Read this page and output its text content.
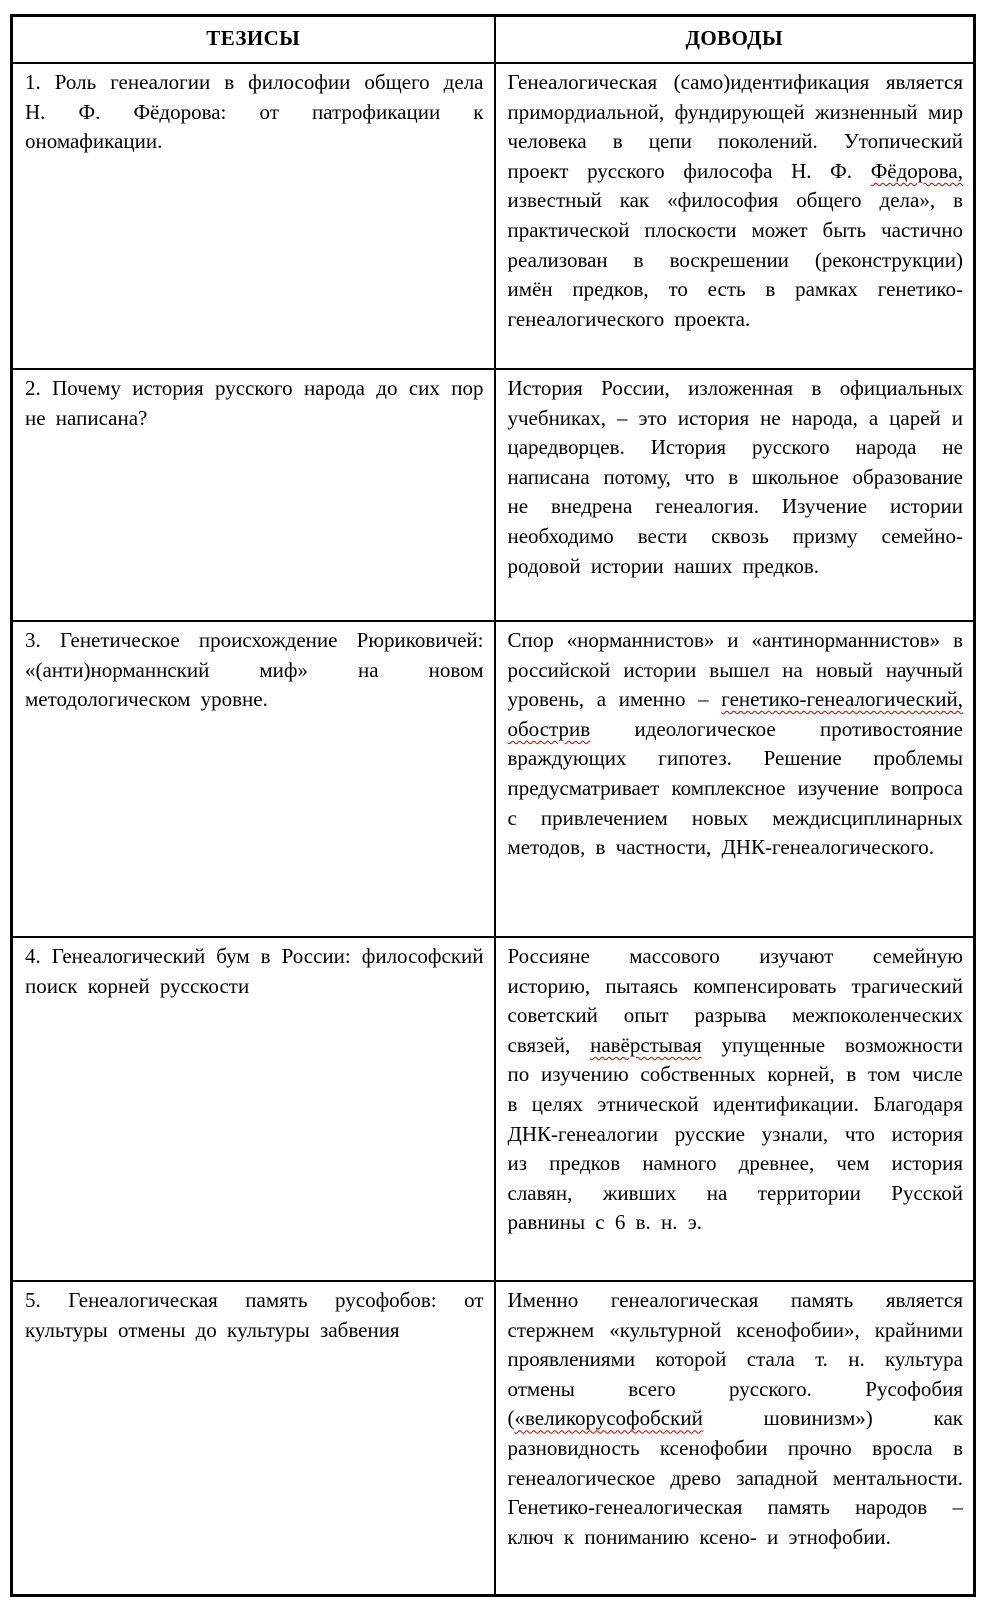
ТЕЗИСЫ	ДОВОДЫ
1. Роль генеалогии в философии общего дела Н. Ф. Фёдорова: от патрофикации к ономафикации.	Генеалогическая (само)идентификация является примордиальной, фундирующей жизненный мир человека в цепи поколений. Утопический проект русского философа Н. Ф. Фёдорова, известный как «философия общего дела», в практической плоскости может быть частично реализован в воскрешении (реконструкции) имён предков, то есть в рамках генетико-генеалогического проекта.
2. Почему история русского народа до сих пор не написана?	История России, изложенная в официальных учебниках, – это история не народа, а царей и царедворцев. История русского народа не написана потому, что в школьное образование не внедрена генеалогия. Изучение истории необходимо вести сквозь призму семейно-родовой истории наших предков.
3. Генетическое происхождение Рюриковичей: «(анти)норманнский миф» на новом методологическом уровне.	Спор «норманнистов» и «антинорманнистов» в российской истории вышел на новый научный уровень, а именно – генетико-генеалогический, обострив идеологическое противостояние враждующих гипотез. Решение проблемы предусматривает комплексное изучение вопроса с привлечением новых междисциплинарных методов, в частности, ДНК-генеалогического.
4. Генеалогический бум в России: философский поиск корней русскости	Россияне массового изучают семейную историю, пытаясь компенсировать трагический советский опыт разрыва межпоколенческих связей, навёрстывая упущенные возможности по изучению собственных корней, в том числе в целях этнической идентификации. Благодаря ДНК-генеалогии русские узнали, что история из предков намного древнее, чем история славян, живших на территории Русской равнины с 6 в. н. э.
5. Генеалогическая память русофобов: от культуры отмены до культуры забвения	Именно генеалогическая память является стержнем «культурной ксенофобии», крайними проявлениями которой стала т. н. культура отмены всего русского. Русофобия («великорусофобский шовинизм») как разновидность ксенофобии прочно вросла в генеалогическое древо западной ментальности. Генетико-генеалогическая память народов – ключ к пониманию ксено- и этнофобии.
